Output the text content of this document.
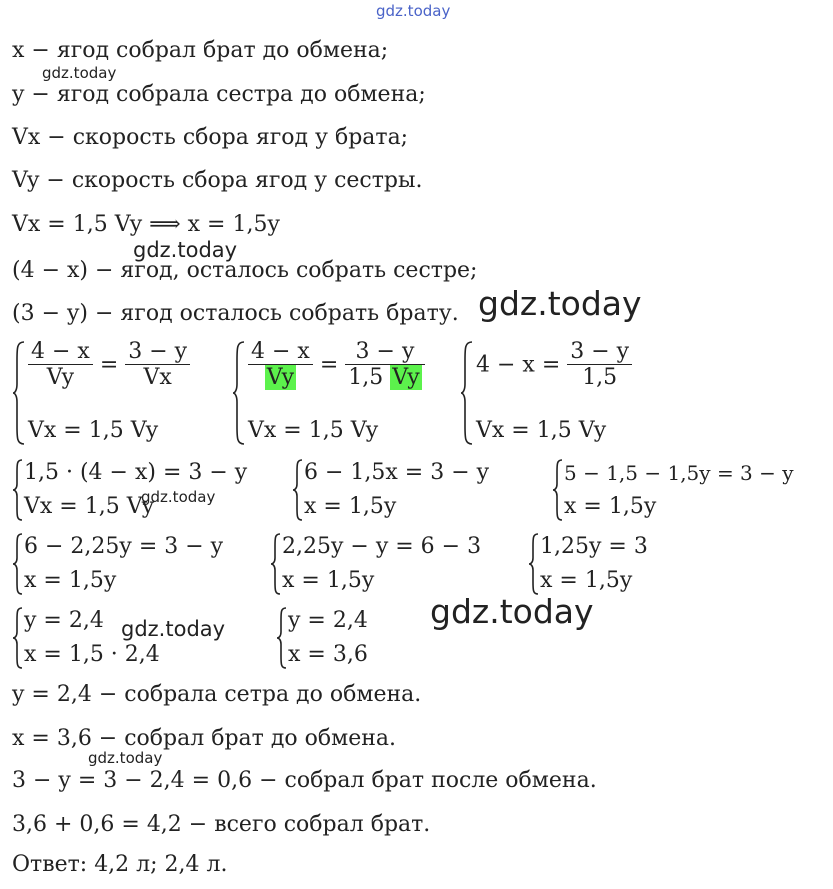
gdz.today
gdz.today
gdz.today
gdz.today
gdz.today
gdz.today	gdz.today
gdz.today
x − ягод собрал брат до обмена;
y − ягод собрала сестра до обмена;
Vx − скорость сбора ягод у брата;
Vy − скорость сбора ягод у сестры.
Vx = 1,5 Vy ⟹ x = 1,5y
(4 − x) − ягод, осталось собрать сестре;
(3 − y) − ягод осталось собрать брату.
$\frac{4 - x}{Vy} = \frac{3 - y}{Vx}$
Vx = 1,5 Vy
$\frac{4 - x}{Vy} = \frac{3 - y}{1,5 Vy}$
Vx = 1,5 Vy
$4 - x = \frac{3 - y}{1,5}$
Vx = 1,5 Vy
1,5 · (4 − x) = 3 − y
Vx = 1,5 Vy
6 − 1,5x = 3 − y
x = 1,5y
5 − 1,5 − 1,5y = 3 − y
x = 1,5y
6 − 2,25y = 3 − y
x = 1,5y
2,25y − y = 6 − 3
x = 1,5y
1,25y = 3
x = 1,5y
y = 2,4
x = 1,5 · 2,4
y = 2,4
x = 3,6
y = 2,4 − собрала сетра до обмена.
x = 3,6 − собрал брат до обмена.
3 − y = 3 − 2,4 = 0,6 − собрал брат после обмена.
3,6 + 0,6 = 4,2 − всего собрал брат.
Ответ: 4,2 л; 2,4 л.
